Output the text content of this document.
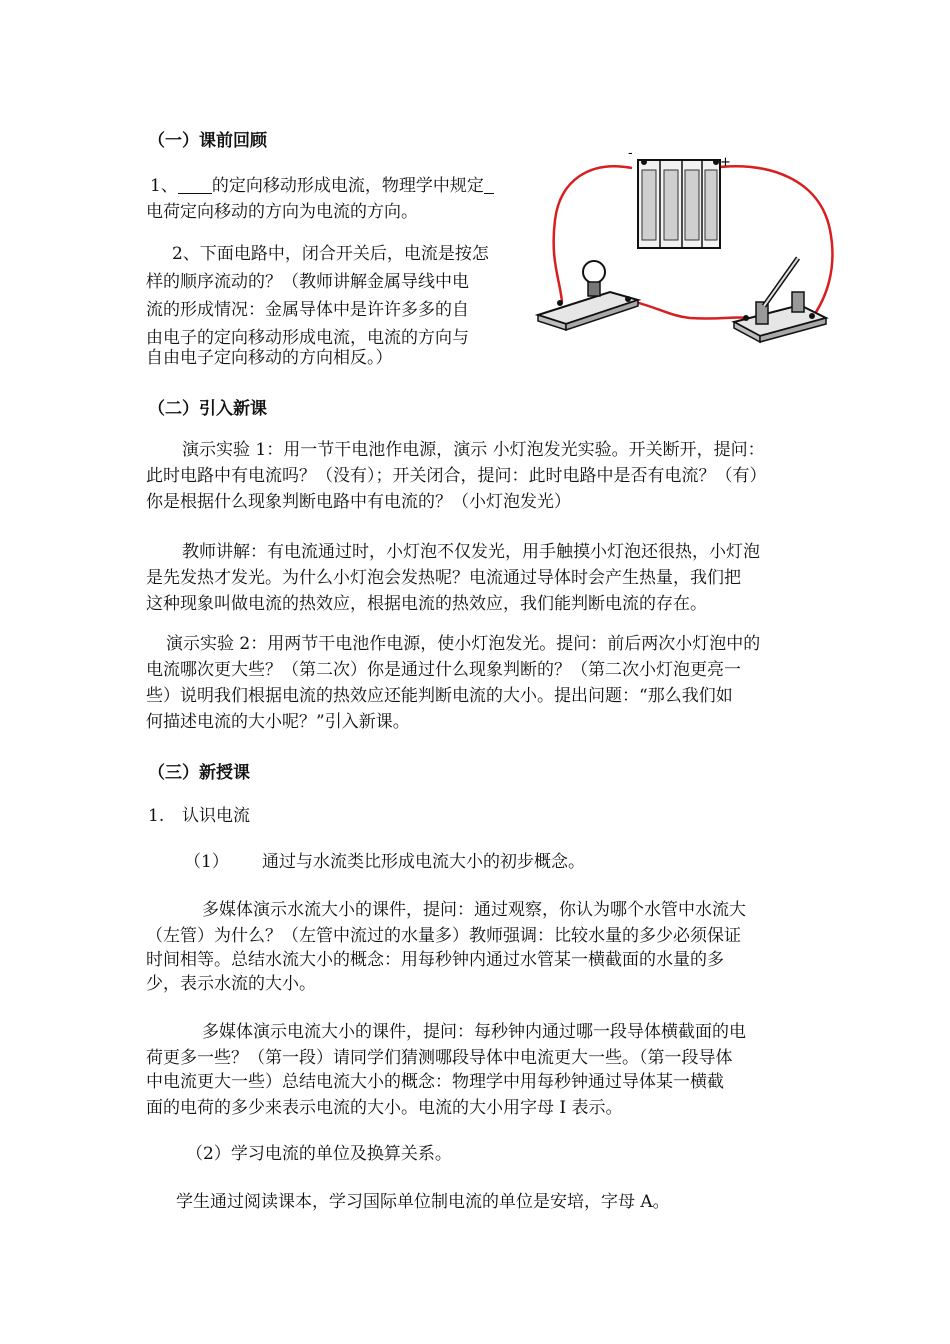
（一）课前回顾
1、 的定向移动形成电流，物理学中规定
电荷定向移动的方向为电流的方向。
2、下面电路中，闭合开关后，电流是按怎
样的顺序流动的？（教师讲解金属导线中电
流的形成情况：金属导体中是许许多多的自
由电子的定向移动形成电流，电流的方向与
自由电子定向移动的方向相反。）
-
+
（二）引入新课
演示实验 1：用一节干电池作电源，演示 小灯泡发光实验。开关断开，提问：
此时电路中有电流吗？（没有）；开关闭合，提问：此时电路中是否有电流？（有）
你是根据什么现象判断电路中有电流的？（小灯泡发光）
教师讲解：有电流通过时，小灯泡不仅发光，用手触摸小灯泡还很热，小灯泡
是先发热才发光。为什么小灯泡会发热呢？电流通过导体时会产生热量，我们把
这种现象叫做电流的热效应，根据电流的热效应，我们能判断电流的存在。
演示实验 2：用两节干电池作电源，使小灯泡发光。提问：前后两次小灯泡中的
电流哪次更大些？（第二次）你是通过什么现象判断的？（第二次小灯泡更亮一
些）说明我们根据电流的热效应还能判断电流的大小。提出问题：“那么我们如
何描述电流的大小呢？”引入新课。
（三）新授课
1. 认识电流
（1） 通过与水流类比形成电流大小的初步概念。
多媒体演示水流大小的课件，提问：通过观察，你认为哪个水管中水流大
（左管）为什么？（左管中流过的水量多）教师强调：比较水量的多少必须保证
时间相等。总结水流大小的概念：用每秒钟内通过水管某一横截面的水量的多
少，表示水流的大小。
多媒体演示电流大小的课件，提问：每秒钟内通过哪一段导体横截面的电
荷更多一些？（第一段）请同学们猜测哪段导体中电流更大一些。（第一段导体
中电流更大一些）总结电流大小的概念：物理学中用每秒钟通过导体某一横截
面的电荷的多少来表示电流的大小。电流的大小用字母 I 表示。
（2）学习电流的单位及换算关系。
学生通过阅读课本，学习国际单位制电流的单位是安培，字母 A。
